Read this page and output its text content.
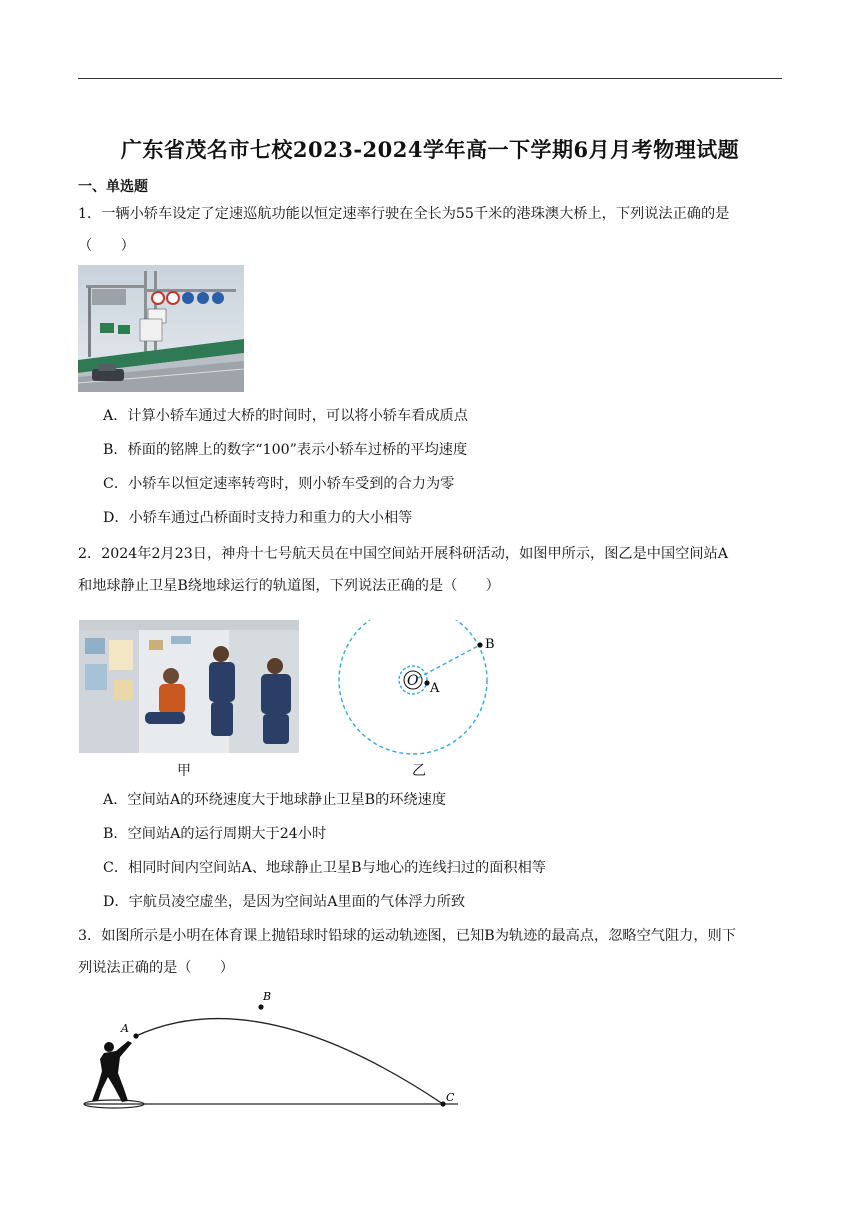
广东省茂名市七校2023-2024学年高一下学期6月月考物理试题
一、单选题
1．一辆小轿车设定了定速巡航功能以恒定速率行驶在全长为55千米的港珠澳大桥上，下列说法正确的是
（　　）
A．计算小轿车通过大桥的时间时，可以将小轿车看成质点
B．桥面的铭牌上的数字“100”表示小轿车过桥的平均速度
C．小轿车以恒定速率转弯时，则小轿车受到的合力为零
D．小轿车通过凸桥面时支持力和重力的大小相等
2．2024年2月23日，神舟十七号航天员在中国空间站开展科研活动，如图甲所示，图乙是中国空间站A
和地球静止卫星B绕地球运行的轨道图，下列说法正确的是（　　）
甲
O A
B
乙
A．空间站A的环绕速度大于地球静止卫星B的环绕速度
B．空间站A的运行周期大于24小时
C．相同时间内空间站A、地球静止卫星B与地心的连线扫过的面积相等
D．宇航员凌空虚坐，是因为空间站A里面的气体浮力所致
3．如图所示是小明在体育课上抛铅球时铅球的运动轨迹图，已知B为轨迹的最高点，忽略空气阻力，则下
列说法正确的是（　　）
A
B
C
